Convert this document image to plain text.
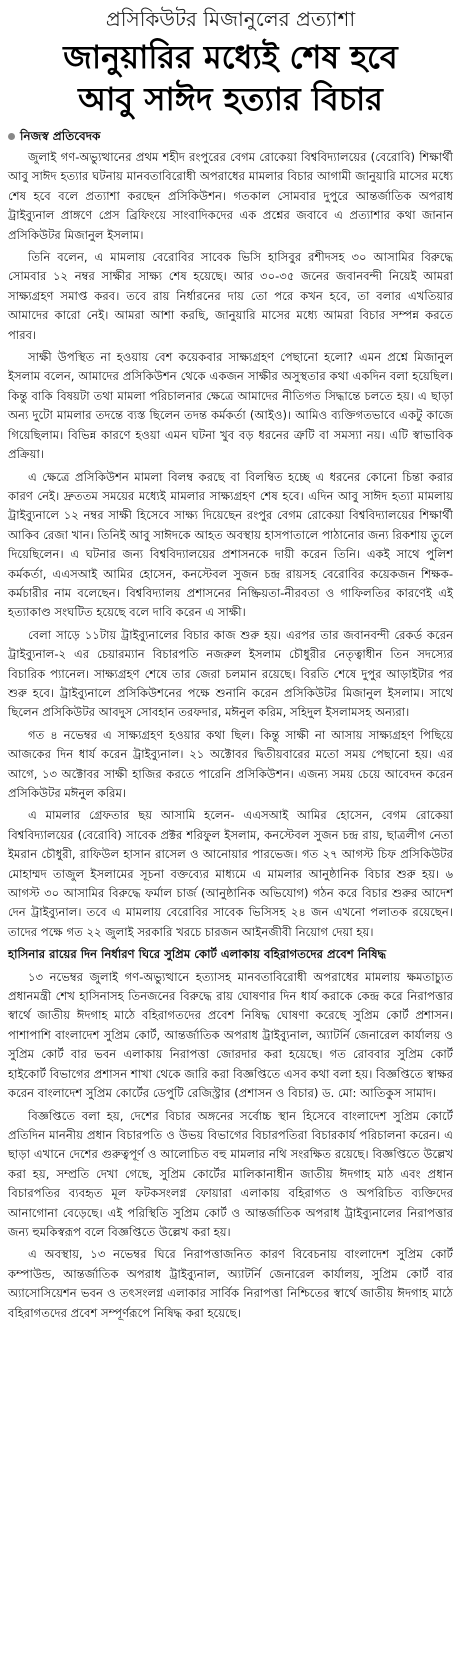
প্রসিকিউটর মিজানুলের প্রত্যাশা
জানুয়ারির মধ্যেই শেষ হবে
আবু সাঈদ হত্যার বিচার
নিজস্ব প্রতিবেদক

জুলাই গণ-অভ্যুত্থানের প্রথম শহীদ রংপুরের বেগম রোকেয়া বিশ্ববিদ্যালয়ের (বেরোবি) শিক্ষার্থী আবু সাঈদ হত্যার ঘটনায় মানবতাবিরোধী অপরাধের মামলার বিচার আগামী জানুয়ারি মাসের মধ্যে শেষ হবে বলে প্রত্যাশা করছেন প্রসিকিউশন। গতকাল সোমবার দুপুরে আন্তর্জাতিক অপরাধ ট্রাইব্যুনাল প্রাঙ্গণে প্রেস ব্রিফিংয়ে সাংবাদিকদের এক প্রশ্নের জবাবে এ প্রত্যাশার কথা জানান প্রসিকিউটর মিজানুল ইসলাম।

তিনি বলেন, এ মামলায় বেরোবির সাবেক ভিসি হাসিবুর রশীদসহ ৩০ আসামির বিরুদ্ধে সোমবার ১২ নম্বর সাক্ষীর সাক্ষ্য শেষ হয়েছে। আর ৩০-৩৫ জনের জবানবন্দী নিয়েই আমরা সাক্ষ্যগ্রহণ সমাপ্ত করব। তবে রায় নির্ধারনের দায় তো পরে কখন হবে, তা বলার এখতিয়ার আমাদের কারো নেই। আমরা আশা করছি, জানুয়ারি মাসের মধ্যে আমরা বিচার সম্পন্ন করতে পারব।

সাক্ষী উপস্থিত না হওয়ায় বেশ কয়েকবার সাক্ষ্যগ্রহণ পেছানো হলো? এমন প্রশ্নে মিজানুল ইসলাম বলেন, আমাদের প্রসিকিউশন থেকে একজন সাক্ষীর অসুস্থতার কথা একদিন বলা হয়েছিল। কিন্তু বাকি বিষয়টা তথা মামলা পরিচালনার ক্ষেত্রে আমাদের নীতিগত সিদ্ধান্তে চলতে হয়। এ ছাড়া অন্য দুটো মামলার তদন্তে ব্যস্ত ছিলেন তদন্ত কর্মকর্তা (আইও)। আমিও ব্যক্তিগতভাবে একটু কাজে গিয়েছিলাম। বিভিন্ন কারণে হওয়া এমন ঘটনা খুব বড় ধরনের ত্রুটি বা সমস্যা নয়। এটি স্বাভাবিক প্রক্রিয়া।

এ ক্ষেত্রে প্রসিকিউশন মামলা বিলম্ব করছে বা বিলম্বিত হচ্ছে এ ধরনের কোনো চিন্তা করার কারণ নেই। দ্রুততম সময়ের মধ্যেই মামলার সাক্ষ্যগ্রহণ শেষ হবে। এদিন আবু সাঈদ হত্যা মামলায় ট্রাইব্যুনালে ১২ নম্বর সাক্ষী হিসেবে সাক্ষ্য দিয়েছেন রংপুর বেগম রোকেয়া বিশ্ববিদ্যালয়ের শিক্ষার্থী আকিব রেজা খান। তিনিই আবু সাঈদকে আহত অবস্থায় হাসপাতালে পাঠানোর জন্য রিকশায় তুলে দিয়েছিলেন। এ ঘটনার জন্য বিশ্ববিদ্যালয়ের প্রশাসনকে দায়ী করেন তিনি। একই সাথে পুলিশ কর্মকর্তা, এএসআই আমির হোসেন, কনস্টেবল সুজন চন্দ্র রায়সহ বেরোবির কয়েকজন শিক্ষক-কর্মচারীর নাম বলেছেন। বিশ্ববিদ্যালয় প্রশাসনের নিষ্ক্রিয়তা-নীরবতা ও গাফিলতির কারণেই এই হত্যাকাণ্ড সংঘটিত হয়েছে বলে দাবি করেন এ সাক্ষী।

বেলা সাড়ে ১১টায় ট্রাইব্যুনালের বিচার কাজ শুরু হয়। এরপর তার জবানবন্দী রেকর্ড করেন ট্রাইব্যুনাল-২ এর চেয়ারম্যান বিচারপতি নজরুল ইসলাম চৌধুরীর নেতৃত্বাধীন তিন সদস্যের বিচারিক প্যানেল। সাক্ষ্যগ্রহণ শেষে তার জেরা চলমান রয়েছে। বিরতি শেষে দুপুর আড়াইটার পর শুরু হবে। ট্রাইব্যুনালে প্রসিকিউশনের পক্ষে শুনানি করেন প্রসিকিউটর মিজানুল ইসলাম। সাথে ছিলেন প্রসিকিউটর আবদুস সোবহান তরফদার, মঈনুল করিম, সহিদুল ইসলামসহ অন্যরা।

গত ৪ নভেম্বর এ সাক্ষ্যগ্রহণ হওয়ার কথা ছিল। কিন্তু সাক্ষী না আসায় সাক্ষ্যগ্রহণ পিছিয়ে আজকের দিন ধার্য করেন ট্রাইব্যুনাল। ২১ অক্টোবর দ্বিতীয়বারের মতো সময় পেছানো হয়। এর আগে, ১৩ অক্টোবর সাক্ষী হাজির করতে পারেনি প্রসিকিউশন। এজন্য সময় চেয়ে আবেদন করেন প্রসিকিউটর মঈনুল করিম।

এ মামলার গ্রেফতার ছয় আসামি হলেন- এএসআই আমির হোসেন, বেগম রোকেয়া বিশ্ববিদ্যালয়ের (বেরোবি) সাবেক প্রক্টর শরিফুল ইসলাম, কনস্টেবল সুজন চন্দ্র রায়, ছাত্রলীগ নেতা ইমরান চৌধুরী, রাফিউল হাসান রাসেল ও আনোয়ার পারভেজ। গত ২৭ আগস্ট চিফ প্রসিকিউটর মোহাম্মদ তাজুল ইসলামের সূচনা বক্তব্যের মাধ্যমে এ মামলার আনুষ্ঠানিক বিচার শুরু হয়। ৬ আগস্ট ৩০ আসামির বিরুদ্ধে ফর্মাল চার্জ (আনুষ্ঠানিক অভিযোগ) গঠন করে বিচার শুরুর আদেশ দেন ট্রাইব্যুনাল। তবে এ মামলায় বেরোবির সাবেক ভিসিসহ ২৪ জন এখনো পলাতক রয়েছেন। তাদের পক্ষে গত ২২ জুলাই সরকারি খরচে চারজন আইনজীবী নিয়োগ দেয়া হয়।

হাসিনার রায়ের দিন নির্ধারণ ঘিরে সুপ্রিম কোর্ট এলাকায় বহিরাগতদের প্রবেশ নিষিদ্ধ

১৩ নভেম্বর জুলাই গণ-অভ্যুত্থানে হত্যাসহ মানবতাবিরোধী অপরাধের মামলায় ক্ষমতাচ্যুত প্রধানমন্ত্রী শেখ হাসিনাসহ তিনজনের বিরুদ্ধে রায় ঘোষণার দিন ধার্য করাকে কেন্দ্র করে নিরাপত্তার স্বার্থে জাতীয় ঈদগাহ মাঠে বহিরাগতদের প্রবেশ নিষিদ্ধ ঘোষণা করেছে সুপ্রিম কোর্ট প্রশাসন। পাশাপাশি বাংলাদেশ সুপ্রিম কোর্ট, আন্তর্জাতিক অপরাধ ট্রাইব্যুনাল, অ্যাটর্নি জেনারেল কার্যালয় ও সুপ্রিম কোর্ট বার ভবন এলাকায় নিরাপত্তা জোরদার করা হয়েছে। গত রোববার সুপ্রিম কোর্ট হাইকোর্ট বিভাগের প্রশাসন শাখা থেকে জারি করা বিজ্ঞপ্তিতে এসব কথা বলা হয়। বিজ্ঞপ্তিতে স্বাক্ষর করেন বাংলাদেশ সুপ্রিম কোর্টের ডেপুটি রেজিস্ট্রার (প্রশাসন ও বিচার) ড. মো: আতিকুস সামাদ।

বিজ্ঞপ্তিতে বলা হয়, দেশের বিচার অঙ্গনের সর্বোচ্চ স্থান হিসেবে বাংলাদেশ সুপ্রিম কোর্টে প্রতিদিন মাননীয় প্রধান বিচারপতি ও উভয় বিভাগের বিচারপতিরা বিচারকার্য পরিচালনা করেন। এ ছাড়া এখানে দেশের গুরুত্বপূর্ণ ও আলোচিত বহু মামলার নথি সংরক্ষিত রয়েছে। বিজ্ঞপ্তিতে উল্লেখ করা হয়, সম্প্রতি দেখা গেছে, সুপ্রিম কোর্টের মালিকানাধীন জাতীয় ঈদগাহ মাঠ এবং প্রধান বিচারপতির ব্যবহৃত মূল ফটকসংলগ্ন ফোয়ারা এলাকায় বহিরাগত ও অপরিচিত ব্যক্তিদের আনাগোনা বেড়েছে। এই পরিস্থিতি সুপ্রিম কোর্ট ও আন্তর্জাতিক অপরাধ ট্রাইব্যুনালের নিরাপত্তার জন্য হুমকিস্বরূপ বলে বিজ্ঞপ্তিতে উল্লেখ করা হয়।

এ অবস্থায়, ১৩ নভেম্বর ঘিরে নিরাপত্তাজনিত কারণ বিবেচনায় বাংলাদেশ সুপ্রিম কোর্ট কম্পাউন্ড, আন্তর্জাতিক অপরাধ ট্রাইব্যুনাল, অ্যাটর্নি জেনারেল কার্যালয়, সুপ্রিম কোর্ট বার অ্যাসোসিয়েশন ভবন ও তৎসংলগ্ন এলাকার সার্বিক নিরাপত্তা নিশ্চিতের স্বার্থে জাতীয় ঈদগাহ মাঠে বহিরাগতদের প্রবেশ সম্পূর্ণরূপে নিষিদ্ধ করা হয়েছে।
